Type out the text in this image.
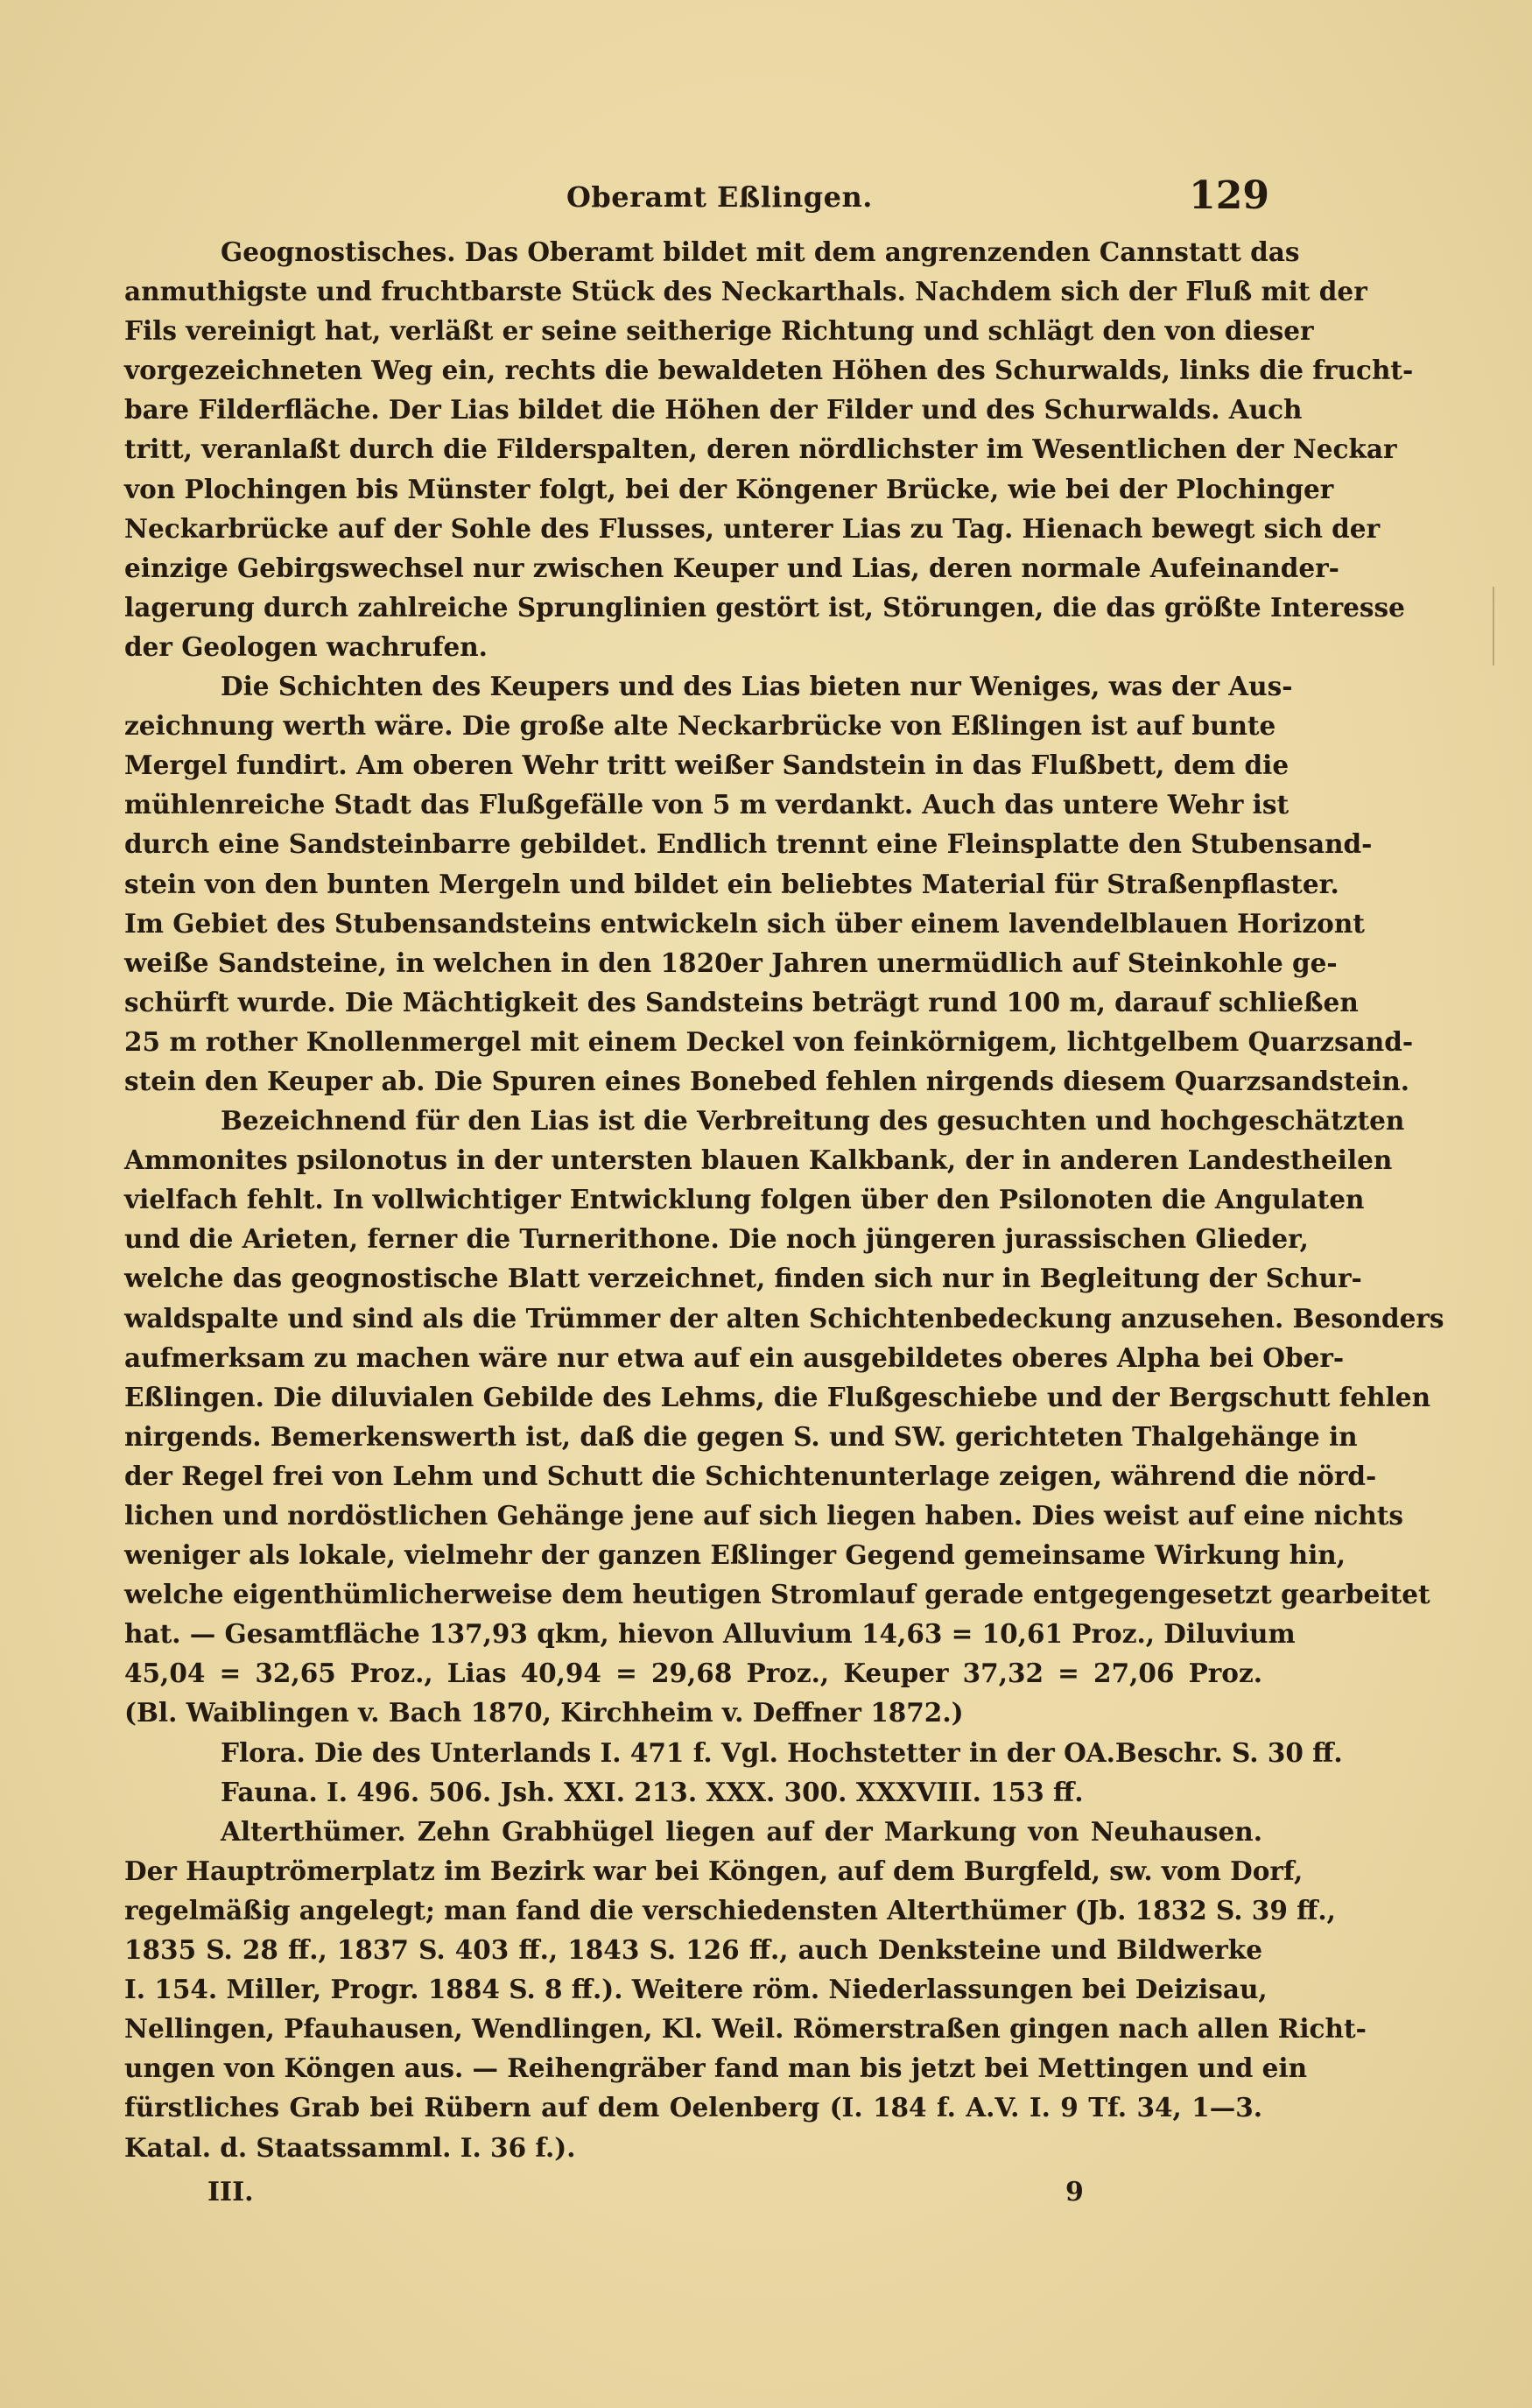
Oberamt Eßlingen.	129
Geognostisches. Das Oberamt bildet mit dem angrenzenden Cannstatt das
anmuthigste und fruchtbarste Stück des Neckarthals. Nachdem sich der Fluß mit der
Fils vereinigt hat, verläßt er seine seitherige Richtung und schlägt den von dieser
vorgezeichneten Weg ein, rechts die bewaldeten Höhen des Schurwalds, links die frucht-
bare Filderfläche. Der Lias bildet die Höhen der Filder und des Schurwalds. Auch
tritt, veranlaßt durch die Filderspalten, deren nördlichster im Wesentlichen der Neckar
von Plochingen bis Münster folgt, bei der Köngener Brücke, wie bei der Plochinger
Neckarbrücke auf der Sohle des Flusses, unterer Lias zu Tag. Hienach bewegt sich der
einzige Gebirgswechsel nur zwischen Keuper und Lias, deren normale Aufeinander-
lagerung durch zahlreiche Sprunglinien gestört ist, Störungen, die das größte Interesse
der Geologen wachrufen.
Die Schichten des Keupers und des Lias bieten nur Weniges, was der Aus-
zeichnung werth wäre. Die große alte Neckarbrücke von Eßlingen ist auf bunte
Mergel fundirt. Am oberen Wehr tritt weißer Sandstein in das Flußbett, dem die
mühlenreiche Stadt das Flußgefälle von 5 m verdankt. Auch das untere Wehr ist
durch eine Sandsteinbarre gebildet. Endlich trennt eine Fleinsplatte den Stubensand-
stein von den bunten Mergeln und bildet ein beliebtes Material für Straßenpflaster.
Im Gebiet des Stubensandsteins entwickeln sich über einem lavendelblauen Horizont
weiße Sandsteine, in welchen in den 1820er Jahren unermüdlich auf Steinkohle ge-
schürft wurde. Die Mächtigkeit des Sandsteins beträgt rund 100 m, darauf schließen
25 m rother Knollenmergel mit einem Deckel von feinkörnigem, lichtgelbem Quarzsand-
stein den Keuper ab. Die Spuren eines Bonebed fehlen nirgends diesem Quarzsandstein.
Bezeichnend für den Lias ist die Verbreitung des gesuchten und hochgeschätzten
Ammonites psilonotus in der untersten blauen Kalkbank, der in anderen Landestheilen
vielfach fehlt. In vollwichtiger Entwicklung folgen über den Psilonoten die Angulaten
und die Arieten, ferner die Turnerithone. Die noch jüngeren jurassischen Glieder,
welche das geognostische Blatt verzeichnet, finden sich nur in Begleitung der Schur-
waldspalte und sind als die Trümmer der alten Schichtenbedeckung anzusehen. Besonders
aufmerksam zu machen wäre nur etwa auf ein ausgebildetes oberes Alpha bei Ober-
Eßlingen. Die diluvialen Gebilde des Lehms, die Flußgeschiebe und der Bergschutt fehlen
nirgends. Bemerkenswerth ist, daß die gegen S. und SW. gerichteten Thalgehänge in
der Regel frei von Lehm und Schutt die Schichtenunterlage zeigen, während die nörd-
lichen und nordöstlichen Gehänge jene auf sich liegen haben. Dies weist auf eine nichts
weniger als lokale, vielmehr der ganzen Eßlinger Gegend gemeinsame Wirkung hin,
welche eigenthümlicherweise dem heutigen Stromlauf gerade entgegengesetzt gearbeitet
hat. — Gesamtfläche 137,93 qkm, hievon Alluvium 14,63 = 10,61 Proz., Diluvium
45,04 = 32,65 Proz., Lias 40,94 = 29,68 Proz., Keuper 37,32 = 27,06 Proz.
(Bl. Waiblingen v. Bach 1870, Kirchheim v. Deffner 1872.)
Flora. Die des Unterlands I. 471 f. Vgl. Hochstetter in der OA.Beschr. S. 30 ff.
Fauna. I. 496. 506. Jsh. XXI. 213. XXX. 300. XXXVIII. 153 ff.
Alterthümer. Zehn Grabhügel liegen auf der Markung von Neuhausen.
Der Hauptrömerplatz im Bezirk war bei Köngen, auf dem Burgfeld, sw. vom Dorf,
regelmäßig angelegt; man fand die verschiedensten Alterthümer (Jb. 1832 S. 39 ff.,
1835 S. 28 ff., 1837 S. 403 ff., 1843 S. 126 ff., auch Denksteine und Bildwerke
I. 154. Miller, Progr. 1884 S. 8 ff.). Weitere röm. Niederlassungen bei Deizisau,
Nellingen, Pfauhausen, Wendlingen, Kl. Weil. Römerstraßen gingen nach allen Richt-
ungen von Köngen aus. — Reihengräber fand man bis jetzt bei Mettingen und ein
fürstliches Grab bei Rübern auf dem Oelenberg (I. 184 f. A.V. I. 9 Tf. 34, 1—3.
Katal. d. Staatssamml. I. 36 f.).
III.	9
